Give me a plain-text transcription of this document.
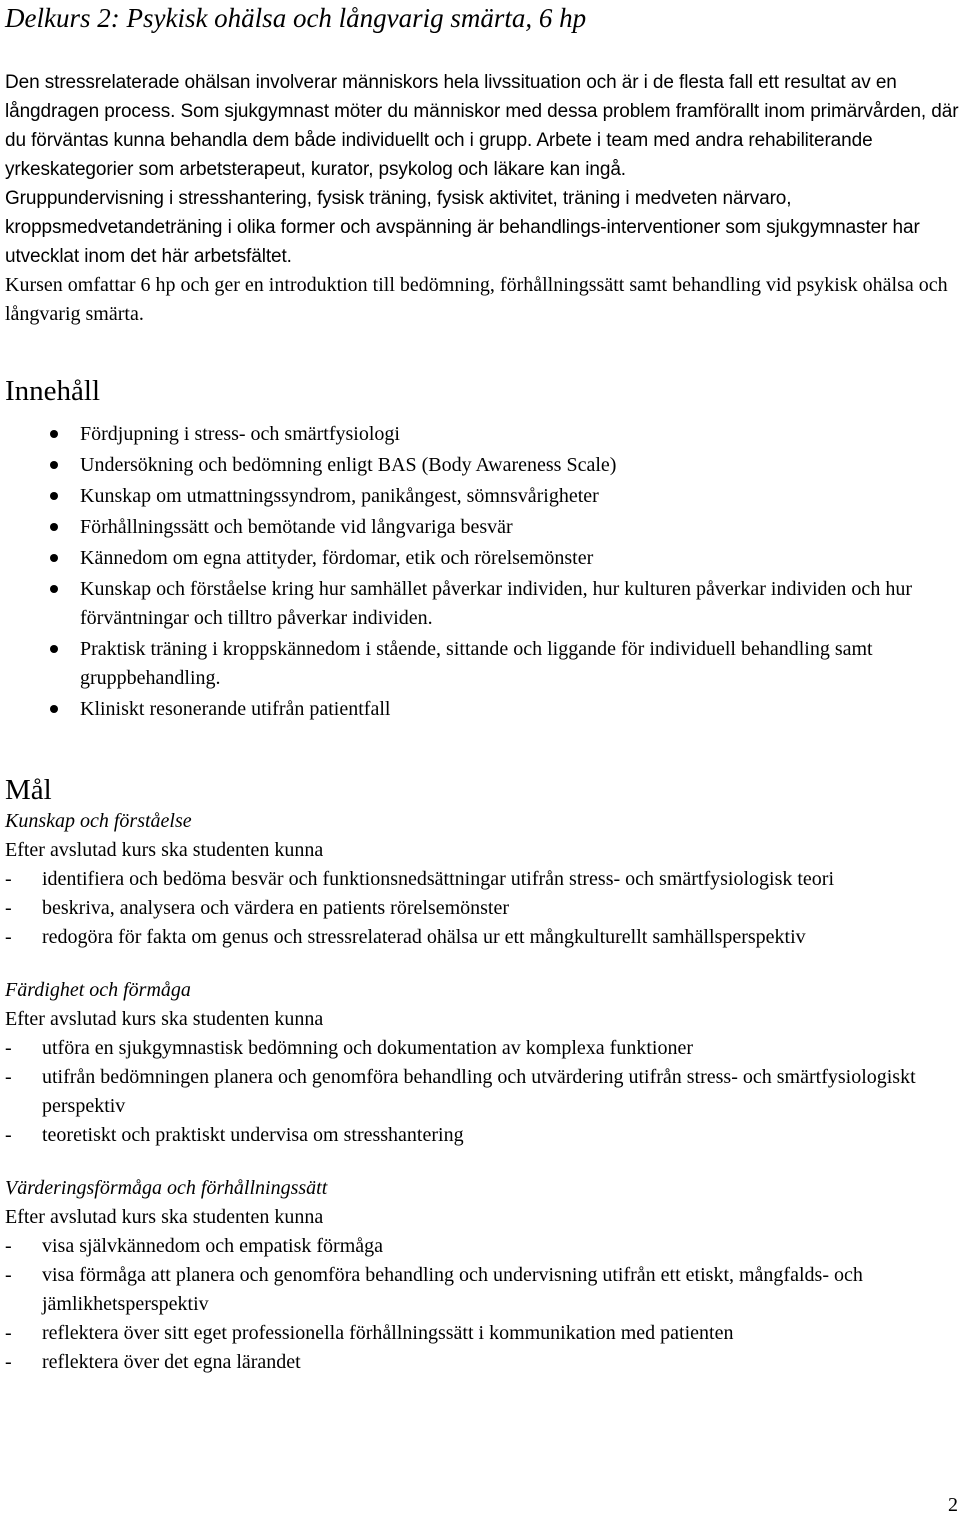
Delkurs 2: Psykisk ohälsa och långvarig smärta, 6 hp

Den stressrelaterade ohälsan involverar människors hela livssituation och är i de flesta fall ett resultat av en långdragen process. Som sjukgymnast möter du människor med dessa problem framförallt inom primärvården, där du förväntas kunna behandla dem både individuellt och i grupp. Arbete i team med andra rehabiliterande yrkeskategorier som arbetsterapeut, kurator, psykolog och läkare kan ingå.

Gruppundervisning i stresshantering, fysisk träning, fysisk aktivitet, träning i medveten närvaro, kroppsmedvetandeträning i olika former och avspänning är behandlings-interventioner som sjukgymnaster har utvecklat inom det här arbetsfältet.

Kursen omfattar 6 hp och ger en introduktion till bedömning, förhållningssätt samt behandling vid psykisk ohälsa och långvarig smärta.

Innehåll
Fördjupning i stress- och smärtfysiologi
Undersökning och bedömning enligt BAS (Body Awareness Scale)
Kunskap om utmattningssyndrom, panikångest, sömnsvårigheter
Förhållningssätt och bemötande vid långvariga besvär
Kännedom om egna attityder, fördomar, etik och rörelsemönster
Kunskap och förståelse kring hur samhället påverkar individen, hur kulturen påverkar individen och hur förväntningar och tilltro påverkar individen.
Praktisk träning i kroppskännedom i stående, sittande och liggande för individuell behandling samt gruppbehandling.
Kliniskt resonerande utifrån patientfall
Mål

Kunskap och förståelse

Efter avslutad kurs ska studenten kunna

- identifiera och bedöma besvär och funktionsnedsättningar utifrån stress- och smärtfysiologisk teori
- beskriva, analysera och värdera en patients rörelsemönster
- redogöra för fakta om genus och stressrelaterad ohälsa ur ett mångkulturellt samhällsperspektiv

Färdighet och förmåga

Efter avslutad kurs ska studenten kunna

- utföra en sjukgymnastisk bedömning och dokumentation av komplexa funktioner
- utifrån bedömningen planera och genomföra behandling och utvärdering utifrån stress- och smärtfysiologiskt perspektiv
- teoretiskt och praktiskt undervisa om stresshantering

Värderingsförmåga och förhållningssätt

Efter avslutad kurs ska studenten kunna

- visa självkännedom och empatisk förmåga
- visa förmåga att planera och genomföra behandling och undervisning utifrån ett etiskt, mångfalds- och jämlikhetsperspektiv
- reflektera över sitt eget professionella förhållningssätt i kommunikation med patienten
- reflektera över det egna lärandet
2
